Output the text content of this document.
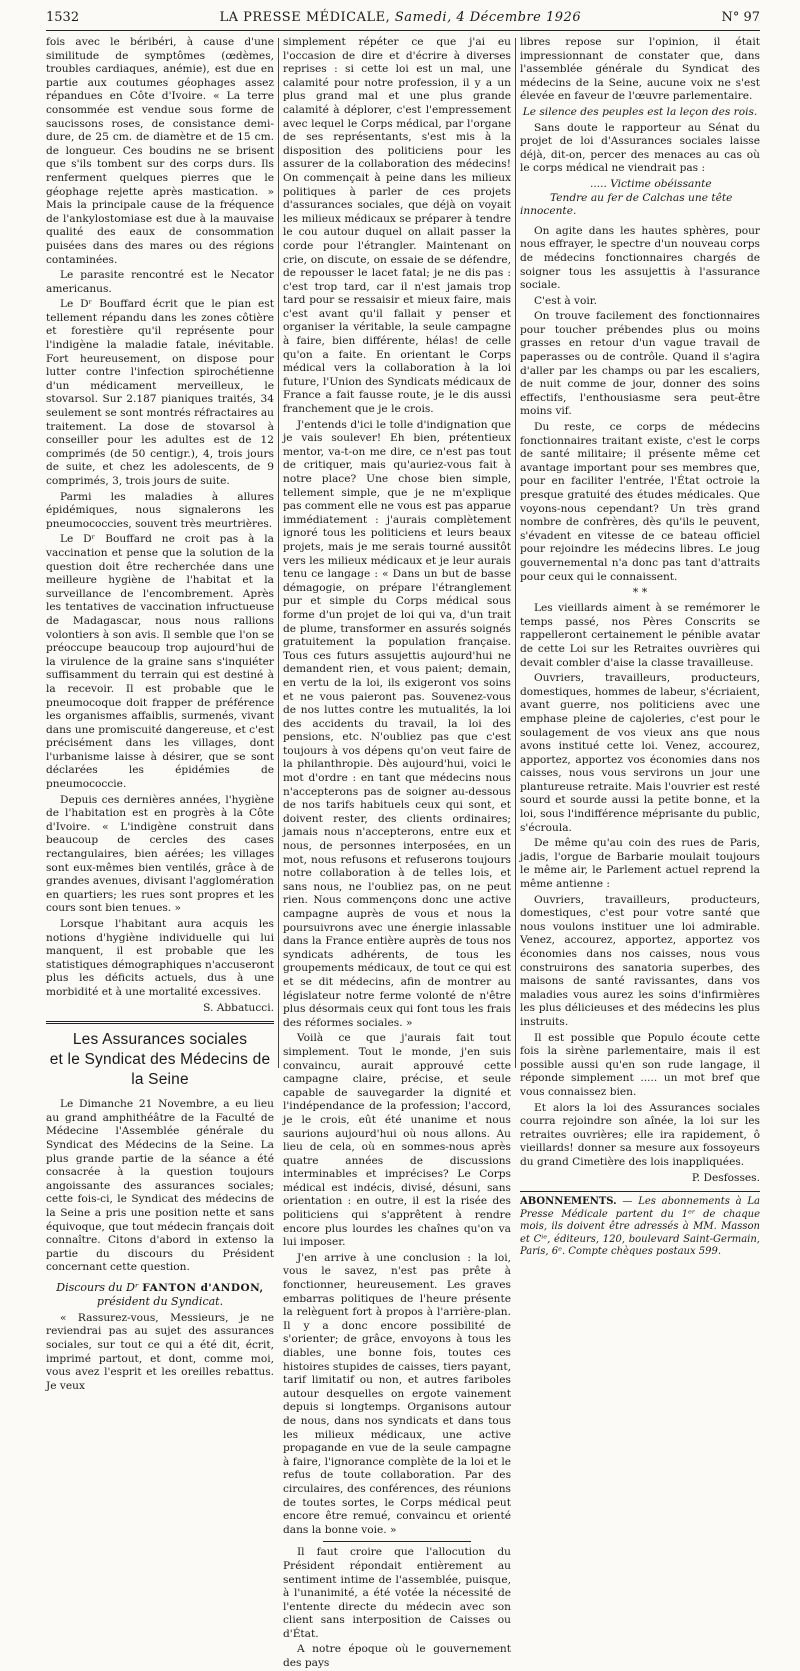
1532	LA PRESSE MÉDICALE, Samedi, 4 Décembre 1926	N° 97

fois avec le béribéri, à cause d'une similitude de symptômes (œdèmes, troubles cardiaques, anémie), est due en partie aux coutumes géophages assez répandues en Côte d'Ivoire. « La terre consommée est vendue sous forme de saucissons roses, de consistance demi-dure, de 25 cm. de diamètre et de 15 cm. de longueur. Ces boudins ne se brisent que s'ils tombent sur des corps durs. Ils renferment quelques pierres que le géophage rejette après mastication. » Mais la principale cause de la fréquence de l'ankylostomiase est due à la mauvaise qualité des eaux de consommation puisées dans des mares ou des régions contaminées.

Le parasite rencontré est le Necator americanus.

Le Dʳ Bouffard écrit que le pian est tellement répandu dans les zones côtière et forestière qu'il représente pour l'indigène la maladie fatale, inévitable. Fort heureusement, on dispose pour lutter contre l'infection spirochétienne d'un médicament merveilleux, le stovarsol. Sur 2.187 pianiques traités, 34 seulement se sont montrés réfractaires au traitement. La dose de stovarsol à conseiller pour les adultes est de 12 comprimés (de 50 centigr.), 4, trois jours de suite, et chez les adolescents, de 9 comprimés, 3, trois jours de suite.

Parmi les maladies à allures épidémiques, nous signalerons les pneumococcies, souvent très meurtrières.

Le Dʳ Bouffard ne croit pas à la vaccination et pense que la solution de la question doit être recherchée dans une meilleure hygiène de l'habitat et la surveillance de l'encombrement. Après les tentatives de vaccination infructueuse de Madagascar, nous nous rallions volontiers à son avis. Il semble que l'on se préoccupe beaucoup trop aujourd'hui de la virulence de la graine sans s'inquiéter suffisamment du terrain qui est destiné à la recevoir. Il est probable que le pneumocoque doit frapper de préférence les organismes affaiblis, surmenés, vivant dans une promiscuité dangereuse, et c'est précisément dans les villages, dont l'urbanisme laisse à désirer, que se sont déclarées les épidémies de pneumococcie.

Depuis ces dernières années, l'hygiène de l'habitation est en progrès à la Côte d'Ivoire. « L'indigène construit dans beaucoup de cercles des cases rectangulaires, bien aérées; les villages sont eux-mêmes bien ventilés, grâce à de grandes avenues, divisant l'agglomération en quartiers; les rues sont propres et les cours sont bien tenues. »

Lorsque l'habitant aura acquis les notions d'hygiène individuelle qui lui manquent, il est probable que les statistiques démographiques n'accuseront plus les déficits actuels, dus à une morbidité et à une mortalité excessives.

S. Abbatucci.

Les Assurances sociales
et le Syndicat des Médecins de la Seine

Le Dimanche 21 Novembre, a eu lieu au grand amphithéâtre de la Faculté de Médecine l'Assemblée générale du Syndicat des Médecins de la Seine. La plus grande partie de la séance a été consacrée à la question toujours angoissante des assurances sociales; cette fois-ci, le Syndicat des médecins de la Seine a pris une position nette et sans équivoque, que tout médecin français doit connaître. Citons d'abord in extenso la partie du discours du Président concernant cette question.

Discours du Dʳ FANTON d'ANDON,
président du Syndicat.

« Rassurez-vous, Messieurs, je ne reviendrai pas au sujet des assurances sociales, sur tout ce qui a été dit, écrit, imprimé partout, et dont, comme moi, vous avez l'esprit et les oreilles rebattus. Je veux

simplement répéter ce que j'ai eu l'occasion de dire et d'écrire à diverses reprises : si cette loi est un mal, une calamité pour notre profession, il y a un plus grand mal et une plus grande calamité à déplorer, c'est l'empressement avec lequel le Corps médical, par l'organe de ses représentants, s'est mis à la disposition des politiciens pour les assurer de la collaboration des médecins! On commençait à peine dans les milieux politiques à parler de ces projets d'assurances sociales, que déjà on voyait les milieux médicaux se préparer à tendre le cou autour duquel on allait passer la corde pour l'étrangler. Maintenant on crie, on discute, on essaie de se défendre, de repousser le lacet fatal; je ne dis pas : c'est trop tard, car il n'est jamais trop tard pour se ressaisir et mieux faire, mais c'est avant qu'il fallait y penser et organiser la véritable, la seule campagne à faire, bien différente, hélas! de celle qu'on a faite. En orientant le Corps médical vers la collaboration à la loi future, l'Union des Syndicats médicaux de France a fait fausse route, je le dis aussi franchement que je le crois.

J'entends d'ici le tolle d'indignation que je vais soulever! Eh bien, prétentieux mentor, va-t-on me dire, ce n'est pas tout de critiquer, mais qu'auriez-vous fait à notre place? Une chose bien simple, tellement simple, que je ne m'explique pas comment elle ne vous est pas apparue immédiatement : j'aurais complètement ignoré tous les politiciens et leurs beaux projets, mais je me serais tourné aussitôt vers les milieux médicaux et je leur aurais tenu ce langage : « Dans un but de basse démagogie, on prépare l'étranglement pur et simple du Corps médical sous forme d'un projet de loi qui va, d'un trait de plume, transformer en assurés soignés gratuitement la population française. Tous ces futurs assujettis aujourd'hui ne demandent rien, et vous paient; demain, en vertu de la loi, ils exigeront vos soins et ne vous paieront pas. Souvenez-vous de nos luttes contre les mutualités, la loi des accidents du travail, la loi des pensions, etc. N'oubliez pas que c'est toujours à vos dépens qu'on veut faire de la philanthropie. Dès aujourd'hui, voici le mot d'ordre : en tant que médecins nous n'accepterons pas de soigner au-dessous de nos tarifs habituels ceux qui sont, et doivent rester, des clients ordinaires; jamais nous n'accepterons, entre eux et nous, de personnes interposées, en un mot, nous refusons et refuserons toujours notre collaboration à de telles lois, et sans nous, ne l'oubliez pas, on ne peut rien. Nous commençons donc une active campagne auprès de vous et nous la poursuivrons avec une énergie inlassable dans la France entière auprès de tous nos syndicats adhérents, de tous les groupements médicaux, de tout ce qui est et se dit médecins, afin de montrer au législateur notre ferme volonté de n'être plus désormais ceux qui font tous les frais des réformes sociales. »

Voilà ce que j'aurais fait tout simplement. Tout le monde, j'en suis convaincu, aurait approuvé cette campagne claire, précise, et seule capable de sauvegarder la dignité et l'indépendance de la profession; l'accord, je le crois, eût été unanime et nous saurions aujourd'hui où nous allons. Au lieu de cela, où en sommes-nous après quatre années de discussions interminables et imprécises? Le Corps médical est indécis, divisé, désuni, sans orientation : en outre, il est la risée des politiciens qui s'apprêtent à rendre encore plus lourdes les chaînes qu'on va lui imposer.

J'en arrive à une conclusion : la loi, vous le savez, n'est pas prête à fonctionner, heureusement. Les graves embarras politiques de l'heure présente la relèguent fort à propos à l'arrière-plan. Il y a donc encore possibilité de s'orienter; de grâce, envoyons à tous les diables, une bonne fois, toutes ces histoires stupides de caisses, tiers payant, tarif limitatif ou non, et autres fariboles autour desquelles on ergote vainement depuis si longtemps. Organisons autour de nous, dans nos syndicats et dans tous les milieux médicaux, une active propagande en vue de la seule campagne à faire, l'ignorance complète de la loi et le refus de toute collaboration. Par des circulaires, des conférences, des réunions de toutes sortes, le Corps médical peut encore être remué, convaincu et orienté dans la bonne voie. »

Il faut croire que l'allocution du Président répondait entièrement au sentiment intime de l'assemblée, puisque, à l'unanimité, a été votée la nécessité de l'entente directe du médecin avec son client sans interposition de Caisses ou d'État.

A notre époque où le gouvernement des pays

libres repose sur l'opinion, il était impressionnant de constater que, dans l'assemblée générale du Syndicat des médecins de la Seine, aucune voix ne s'est élevée en faveur de l'œuvre parlementaire.

Le silence des peuples est la leçon des rois.

Sans doute le rapporteur au Sénat du projet de loi d'Assurances sociales laisse déjà, dit-on, percer des menaces au cas où le corps médical ne viendrait pas :

..... Victime obéissante

Tendre au fer de Calchas une tête innocente.

On agite dans les hautes sphères, pour nous effrayer, le spectre d'un nouveau corps de médecins fonctionnaires chargés de soigner tous les assujettis à l'assurance sociale.

C'est à voir.

On trouve facilement des fonctionnaires pour toucher prébendes plus ou moins grasses en retour d'un vague travail de paperasses ou de contrôle. Quand il s'agira d'aller par les champs ou par les escaliers, de nuit comme de jour, donner des soins effectifs, l'enthousiasme sera peut-être moins vif.

Du reste, ce corps de médecins fonctionnaires traitant existe, c'est le corps de santé militaire; il présente même cet avantage important pour ses membres que, pour en faciliter l'entrée, l'État octroie la presque gratuité des études médicales. Que voyons-nous cependant? Un très grand nombre de confrères, dès qu'ils le peuvent, s'évadent en vitesse de ce bateau officiel pour rejoindre les médecins libres. Le joug gouvernemental n'a donc pas tant d'attraits pour ceux qui le connaissent.

* *

Les vieillards aiment à se remémorer le temps passé, nos Pères Conscrits se rappelleront certainement le pénible avatar de cette Loi sur les Retraites ouvrières qui devait combler d'aise la classe travailleuse.

Ouvriers, travailleurs, producteurs, domestiques, hommes de labeur, s'écriaient, avant guerre, nos politiciens avec une emphase pleine de cajoleries, c'est pour le soulagement de vos vieux ans que nous avons institué cette loi. Venez, accourez, apportez, apportez vos économies dans nos caisses, nous vous servirons un jour une plantureuse retraite. Mais l'ouvrier est resté sourd et sourde aussi la petite bonne, et la loi, sous l'indifférence méprisante du public, s'écroula.

De même qu'au coin des rues de Paris, jadis, l'orgue de Barbarie moulait toujours le même air, le Parlement actuel reprend la même antienne :

Ouvriers, travailleurs, producteurs, domestiques, c'est pour votre santé que nous voulons instituer une loi admirable. Venez, accourez, apportez, apportez vos économies dans nos caisses, nous vous construirons des sanatoria superbes, des maisons de santé ravissantes, dans vos maladies vous aurez les soins d'infirmières les plus délicieuses et des médecins les plus instruits.

Il est possible que Populo écoute cette fois la sirène parlementaire, mais il est possible aussi qu'en son rude langage, il réponde simplement ..... un mot bref que vous connaissez bien.

Et alors la loi des Assurances sociales courra rejoindre son aînée, la loi sur les retraites ouvrières; elle ira rapidement, ô vieillards! donner sa mesure aux fossoyeurs du grand Cimetière des lois inappliquées.

P. Desfosses.

ABONNEMENTS. — Les abonnements à La Presse Médicale partent du 1ᵉʳ de chaque mois, ils doivent être adressés à MM. Masson et Cⁱᵉ, éditeurs, 120, boulevard Saint-Germain, Paris, 6ᵉ. Compte chèques postaux 599.
